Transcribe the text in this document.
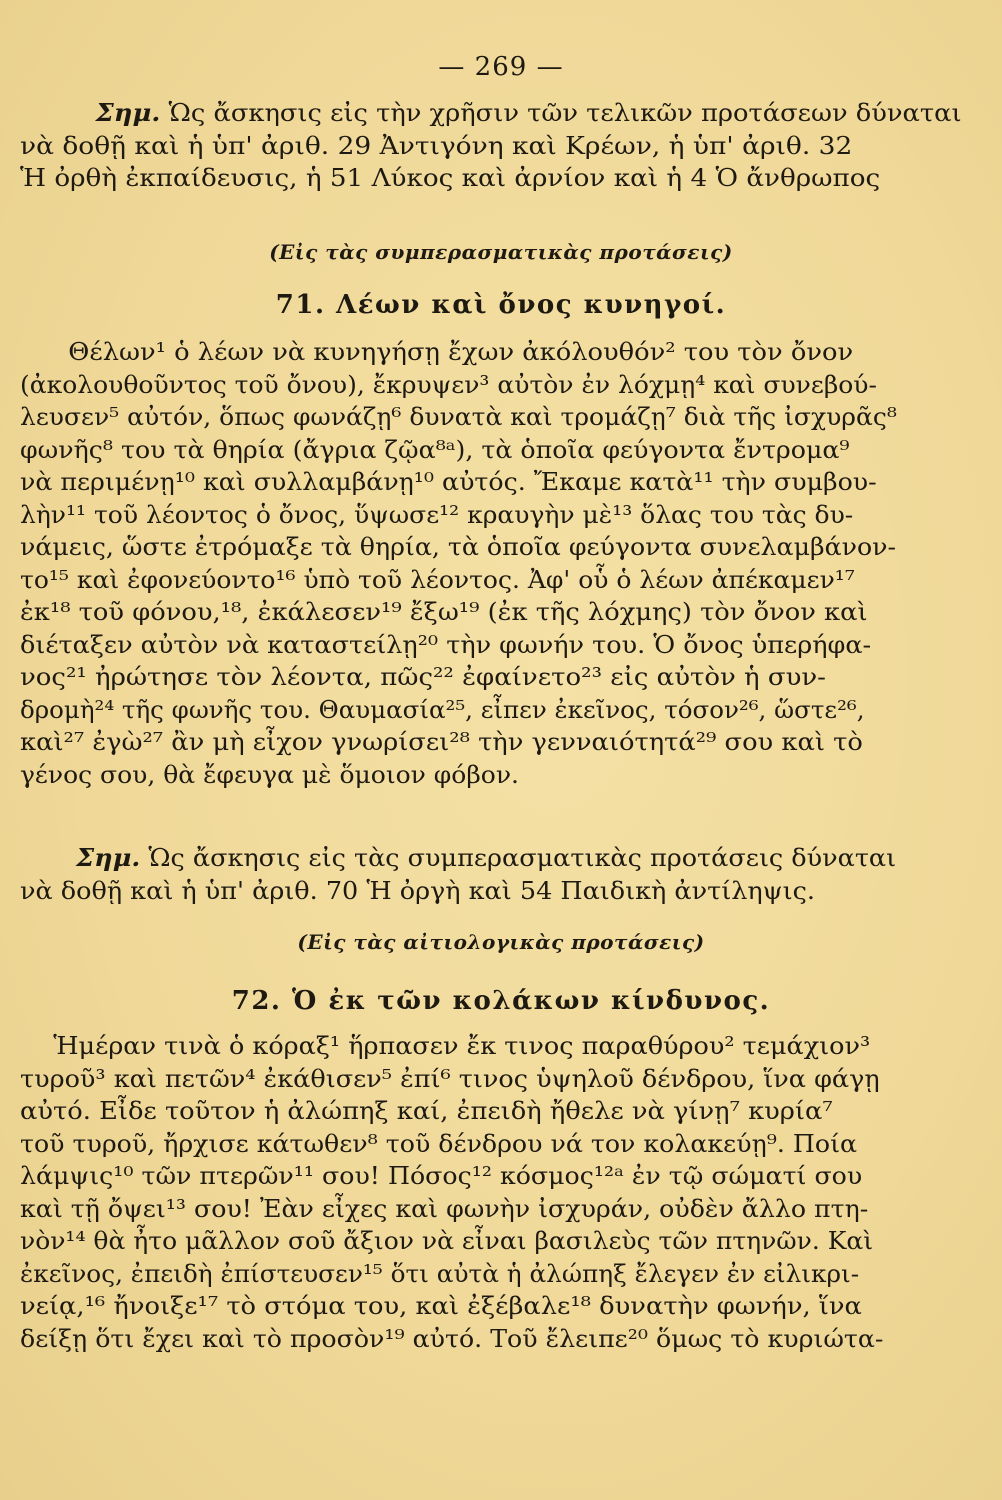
— 269 —
Σημ. Ὡς ἄσκησις εἰς τὴν χρῆσιν τῶν τελικῶν προτάσεων δύναται
νὰ δοθῇ καὶ ἡ ὑπ' ἀριθ. 29 Ἀντιγόνη καὶ Κρέων, ἡ ὑπ' ἀριθ. 32
Ἡ ὀρθὴ ἐκπαίδευσις, ἡ 51 Λύκος καὶ ἀρνίον καὶ ἡ 4 Ὁ ἄνθρωπος
(Εἰς τὰς συμπερασματικὰς προτάσεις)
71. Λέων καὶ ὄνος κυνηγοί.
Θέλων¹ ὁ λέων νὰ κυνηγήσῃ ἔχων ἀκόλουθόν² του τὸν ὄνον
(ἀκολουθοῦντος τοῦ ὄνου), ἔκρυψεν³ αὐτὸν ἐν λόχμῃ⁴ καὶ συνεβού-
λευσεν⁵ αὐτόν, ὅπως φωνάζῃ⁶ δυνατὰ καὶ τρομάζῃ⁷ διὰ τῆς ἰσχυρᾶς⁸
φωνῆς⁸ του τὰ θηρία (ἄγρια ζῷα⁸ᵃ), τὰ ὁποῖα φεύγοντα ἔντρομα⁹
νὰ περιμένῃ¹⁰ καὶ συλλαμβάνῃ¹⁰ αὐτός. Ἔκαμε κατὰ¹¹ τὴν συμβου-
λὴν¹¹ τοῦ λέοντος ὁ ὄνος, ὕψωσε¹² κραυγὴν μὲ¹³ ὅλας του τὰς δυ-
νάμεις, ὥστε ἐτρόμαξε τὰ θηρία, τὰ ὁποῖα φεύγοντα συνελαμβάνον-
το¹⁵ καὶ ἐφονεύοντο¹⁶ ὑπὸ τοῦ λέοντος. Ἀφ' οὗ ὁ λέων ἀπέκαμεν¹⁷
ἐκ¹⁸ τοῦ φόνου,¹⁸, ἐκάλεσεν¹⁹ ἔξω¹⁹ (ἐκ τῆς λόχμης) τὸν ὄνον καὶ
διέταξεν αὐτὸν νὰ καταστείλῃ²⁰ τὴν φωνήν του. Ὁ ὄνος ὑπερήφα-
νος²¹ ἠρώτησε τὸν λέοντα, πῶς²² ἐφαίνετο²³ εἰς αὐτὸν ἡ συν-
δρομὴ²⁴ τῆς φωνῆς του. Θαυμασία²⁵, εἶπεν ἐκεῖνος, τόσον²⁶, ὥστε²⁶,
καὶ²⁷ ἐγὼ²⁷ ἂν μὴ εἶχον γνωρίσει²⁸ τὴν γενναιότητά²⁹ σου καὶ τὸ
γένος σου, θὰ ἔφευγα μὲ ὅμοιον φόβον.
Σημ. Ὡς ἄσκησις εἰς τὰς συμπερασματικὰς προτάσεις δύναται
νὰ δοθῇ καὶ ἡ ὑπ' ἀριθ. 70 Ἡ ὀργὴ καὶ 54 Παιδικὴ ἀντίληψις.
(Εἰς τὰς αἰτιολογικὰς προτάσεις)
72. Ὁ ἐκ τῶν κολάκων κίνδυνος.
Ἡμέραν τινὰ ὁ κόραξ¹ ἥρπασεν ἔκ τινος παραθύρου² τεμάχιον³
τυροῦ³ καὶ πετῶν⁴ ἐκάθισεν⁵ ἐπί⁶ τινος ὑψηλοῦ δένδρου, ἵνα φάγῃ
αὐτό. Εἶδε τοῦτον ἡ ἀλώπηξ καί, ἐπειδὴ ἤθελε νὰ γίνῃ⁷ κυρία⁷
τοῦ τυροῦ, ἤρχισε κάτωθεν⁸ τοῦ δένδρου νά τον κολακεύῃ⁹. Ποία
λάμψις¹⁰ τῶν πτερῶν¹¹ σου! Πόσος¹² κόσμος¹²ᵃ ἐν τῷ σώματί σου
καὶ τῇ ὄψει¹³ σου! Ἐὰν εἶχες καὶ φωνὴν ἰσχυράν, οὐδὲν ἄλλο πτη-
νὸν¹⁴ θὰ ἦτο μᾶλλον σοῦ ἄξιον νὰ εἶναι βασιλεὺς τῶν πτηνῶν. Καὶ
ἐκεῖνος, ἐπειδὴ ἐπίστευσεν¹⁵ ὅτι αὐτὰ ἡ ἀλώπηξ ἔλεγεν ἐν εἰλικρι-
νείᾳ,¹⁶ ἤνοιξε¹⁷ τὸ στόμα του, καὶ ἐξέβαλε¹⁸ δυνατὴν φωνήν, ἵνα
δείξῃ ὅτι ἔχει καὶ τὸ προσὸν¹⁹ αὐτό. Τοῦ ἔλειπε²⁰ ὅμως τὸ κυριώτα-
